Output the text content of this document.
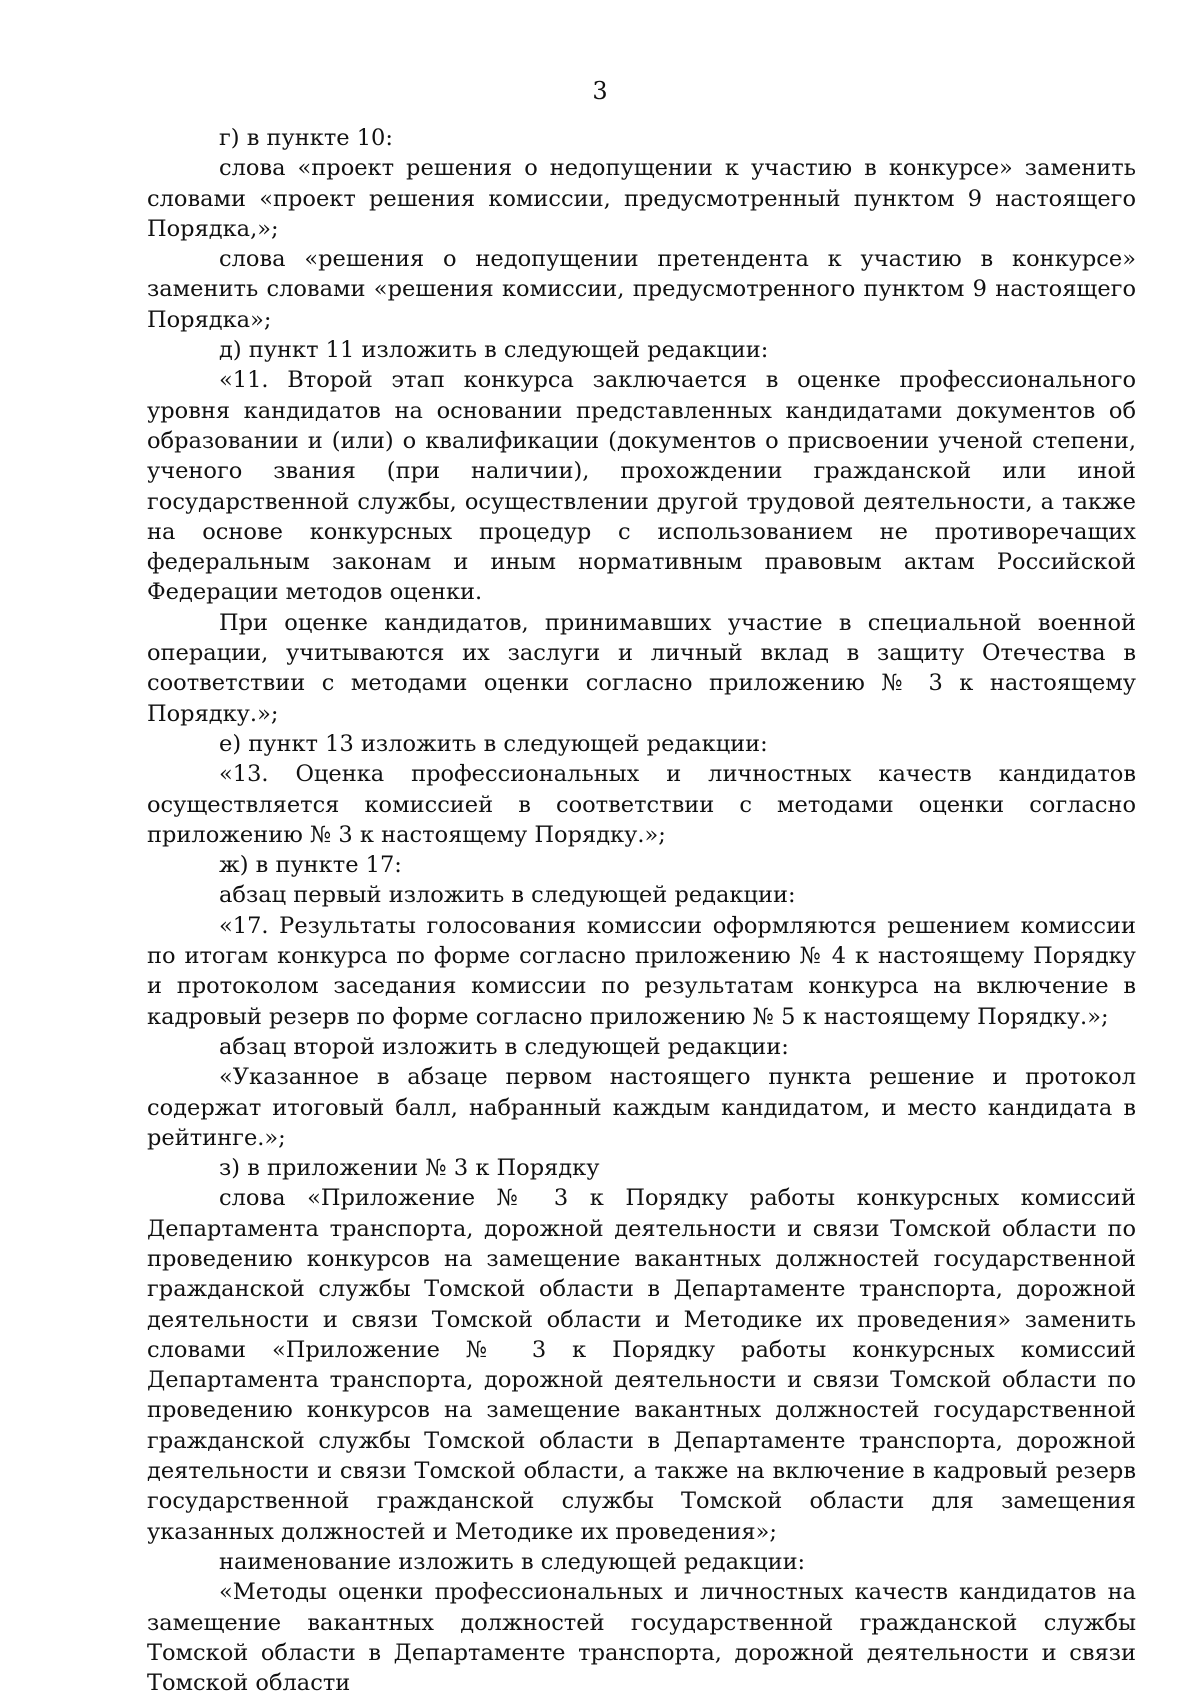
3

г) в пункте 10:

слова «проект решения о недопущении к участию в конкурсе» заменить словами «проект решения комиссии, предусмотренный пунктом 9 настоящего Порядка,»;

слова «решения о недопущении претендента к участию в конкурсе» заменить словами «решения комиссии, предусмотренного пунктом 9 настоящего Порядка»;

д) пункт 11 изложить в следующей редакции:

«11. Второй этап конкурса заключается в оценке профессионального уровня кандидатов на основании представленных кандидатами документов об образовании и (или) о квалификации (документов о присвоении ученой степени, ученого звания (при наличии), прохождении гражданской или иной государственной службы, осуществлении другой трудовой деятельности, а также на основе конкурсных процедур с использованием не противоречащих федеральным законам и иным нормативным правовым актам Российской Федерации методов оценки.

При оценке кандидатов, принимавших участие в специальной военной операции, учитываются их заслуги и личный вклад в защиту Отечества в соответствии с методами оценки согласно приложению № 3 к настоящему Порядку.»;

е) пункт 13 изложить в следующей редакции:

«13. Оценка профессиональных и личностных качеств кандидатов осуществляется комиссией в соответствии с методами оценки согласно приложению № 3 к настоящему Порядку.»;

ж) в пункте 17:

абзац первый изложить в следующей редакции:

«17. Результаты голосования комиссии оформляются решением комиссии по итогам конкурса по форме согласно приложению № 4 к настоящему Порядку и протоколом заседания комиссии по результатам конкурса на включение в кадровый резерв по форме согласно приложению № 5 к настоящему Порядку.»;

абзац второй изложить в следующей редакции:

«Указанное в абзаце первом настоящего пункта решение и протокол содержат итоговый балл, набранный каждым кандидатом, и место кандидата в рейтинге.»;

з) в приложении № 3 к Порядку

слова «Приложение № 3 к Порядку работы конкурсных комиссий Департамента транспорта, дорожной деятельности и связи Томской области по проведению конкурсов на замещение вакантных должностей государственной гражданской службы Томской области в Департаменте транспорта, дорожной деятельности и связи Томской области и Методике их проведения» заменить словами «Приложение № 3 к Порядку работы конкурсных комиссий Департамента транспорта, дорожной деятельности и связи Томской области по проведению конкурсов на замещение вакантных должностей государственной гражданской службы Томской области в Департаменте транспорта, дорожной деятельности и связи Томской области, а также на включение в кадровый резерв государственной гражданской службы Томской области для замещения указанных должностей и Методике их проведения»;

наименование изложить в следующей редакции:

«Методы оценки профессиональных и личностных качеств кандидатов на замещение вакантных должностей государственной гражданской службы Томской области в Департаменте транспорта, дорожной деятельности и связи Томской области
